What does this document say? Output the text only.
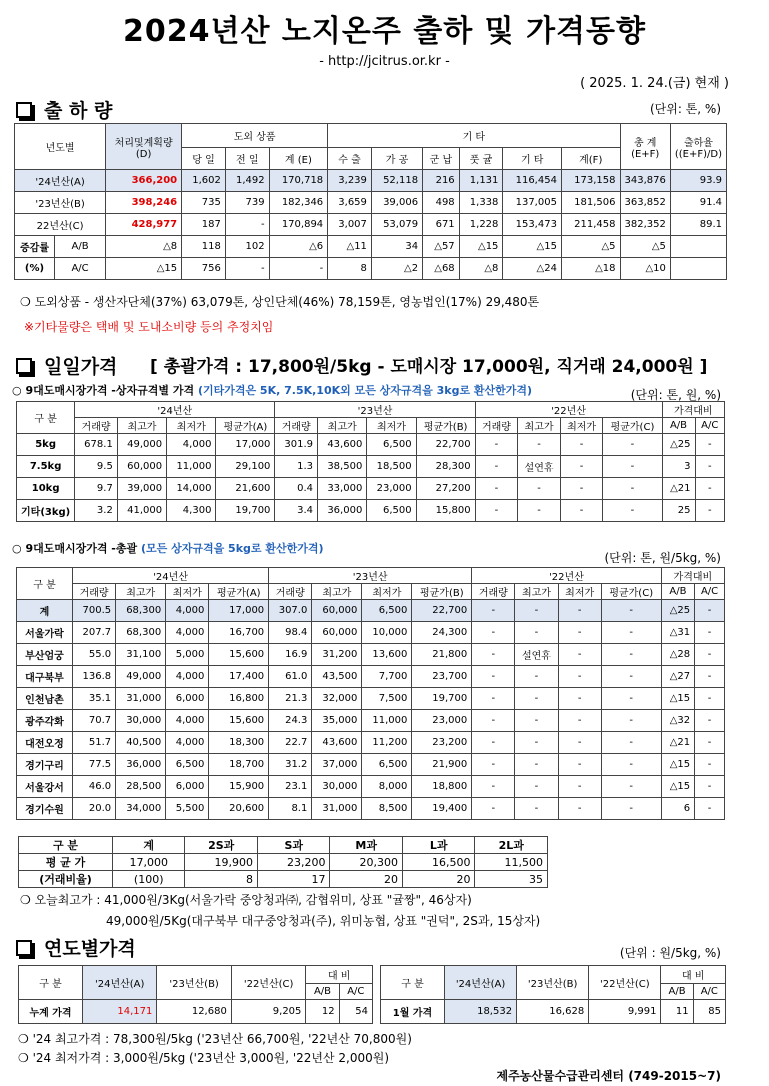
2024년산 노지온주 출하 및 가격동향
- http://jcitrus.or.kr -
( 2025. 1. 24.(금) 현재 )
출 하 량	(단위: 톤, %)
년도별		처리및계획량
(D)	도외 상품			기 타						총 계
(E+F)	출하율
((E+F)/D)
			당 일	전 일	계 (E)	수 출	가 공	군 납	풋 귤	기 타	계(F)		
'24년산(A)		366,200	1,602	1,492	170,718	3,239	52,118	216	1,131	116,454	173,158	343,876	93.9
'23년산(B)		398,246	735	739	182,346	3,659	39,006	498	1,338	137,005	181,506	363,852	91.4
22년산(C)		428,977	187	-	170,894	3,007	53,079	671	1,228	153,473	211,458	382,352	89.1
증감률	A/B	△8	118	102	△6	△11	34	△57	△15	△15	△5	△5	
(%)	A/C	△15	756	-	-	8	△2	△68	△8	△24	△18	△10	
❍ 도외상품 - 생산자단체(37%) 63,079톤, 상인단체(46%) 78,159톤, 영농법인(17%) 29,480톤
※기타물량은 택배 및 도내소비량 등의 추정치임
일일가격 [ 총괄가격 : 17,800원/5kg - 도매시장 17,000원, 직거래 24,000원 ]
○ 9대도매시장가격 -상자규격별 가격 (기타가격은 5K, 7.5K,10K외 모든 상자규격을 3kg로 환산한가격)	(단위: 톤, 원, %)
구 분	'24년산				'23년산				'22년산				가격대비	
	거래량	최고가	최저가	평균가(A)	거래량	최고가	최저가	평균가(B)	거래량	최고가	최저가	평균가(C)	A/B	A/C
5kg	678.1	49,000	4,000	17,000	301.9	43,600	6,500	22,700	-	-	-	-	△25	-
7.5kg	9.5	60,000	11,000	29,100	1.3	38,500	18,500	28,300	-	설연휴	-	-	3	-
10kg	9.7	39,000	14,000	21,600	0.4	33,000	23,000	27,200	-	-	-	-	△21	-
기타(3kg)	3.2	41,000	4,300	19,700	3.4	36,000	6,500	15,800	-	-	-	-	25	-
○ 9대도매시장가격 -총괄 (모든 상자규격을 5kg로 환산한가격)
(단위: 톤, 원/5kg, %)
구 분	'24년산				'23년산				'22년산				가격대비	
	거래량	최고가	최저가	평균가(A)	거래량	최고가	최저가	평균가(B)	거래량	최고가	최저가	평균가(C)	A/B	A/C
계	700.5	68,300	4,000	17,000	307.0	60,000	6,500	22,700	-	-	-	-	△25	-
서울가락	207.7	68,300	4,000	16,700	98.4	60,000	10,000	24,300	-	-	-	-	△31	-
부산엄궁	55.0	31,100	5,000	15,600	16.9	31,200	13,600	21,800	-	설연휴	-	-	△28	-
대구북부	136.8	49,000	4,000	17,400	61.0	43,500	7,700	23,700	-	-	-	-	△27	-
인천남촌	35.1	31,000	6,000	16,800	21.3	32,000	7,500	19,700	-	-	-	-	△15	-
광주각화	70.7	30,000	4,000	15,600	24.3	35,000	11,000	23,000	-	-	-	-	△32	-
대전오정	51.7	40,500	4,000	18,300	22.7	43,600	11,200	23,200	-	-	-	-	△21	-
경기구리	77.5	36,000	6,500	18,700	31.2	37,000	6,500	21,900	-	-	-	-	△15	-
서울강서	46.0	28,500	6,000	15,900	23.1	30,000	8,000	18,800	-	-	-	-	△15	-
경기수원	20.0	34,000	5,500	20,600	8.1	31,000	8,500	19,400	-	-	-	-	6	-
구 분	계	2S과	S과	M과	L과	2L과
평 균 가	17,000	19,900	23,200	20,300	16,500	11,500
(거래비율)	(100)	8	17	20	20	35
❍ 오늘최고가 : 41,000원/3Kg(서울가락 중앙청과㈜, 감협위미, 상표 "귤짱", 46상자)
49,000원/5Kg(대구북부 대구중앙청과(주), 위미농협, 상표 "권덕", 2S과, 15상자)
연도별가격	(단위 : 원/5kg, %)
구 분	'24년산(A)	'23년산(B)	'22년산(C)	대 비	
				A/B	A/C
누계 가격	14,171	12,680	9,205	12	54
구 분	'24년산(A)	'23년산(B)	'22년산(C)	대 비	
				A/B	A/C
1월 가격	18,532	16,628	9,991	11	85
❍ '24 최고가격 : 78,300원/5kg ('23년산 66,700원, '22년산 70,800원)
❍ '24 최저가격 : 3,000원/5kg ('23년산 3,000원, '22년산 2,000원)
제주농산물수급관리센터 (749-2015~7)
